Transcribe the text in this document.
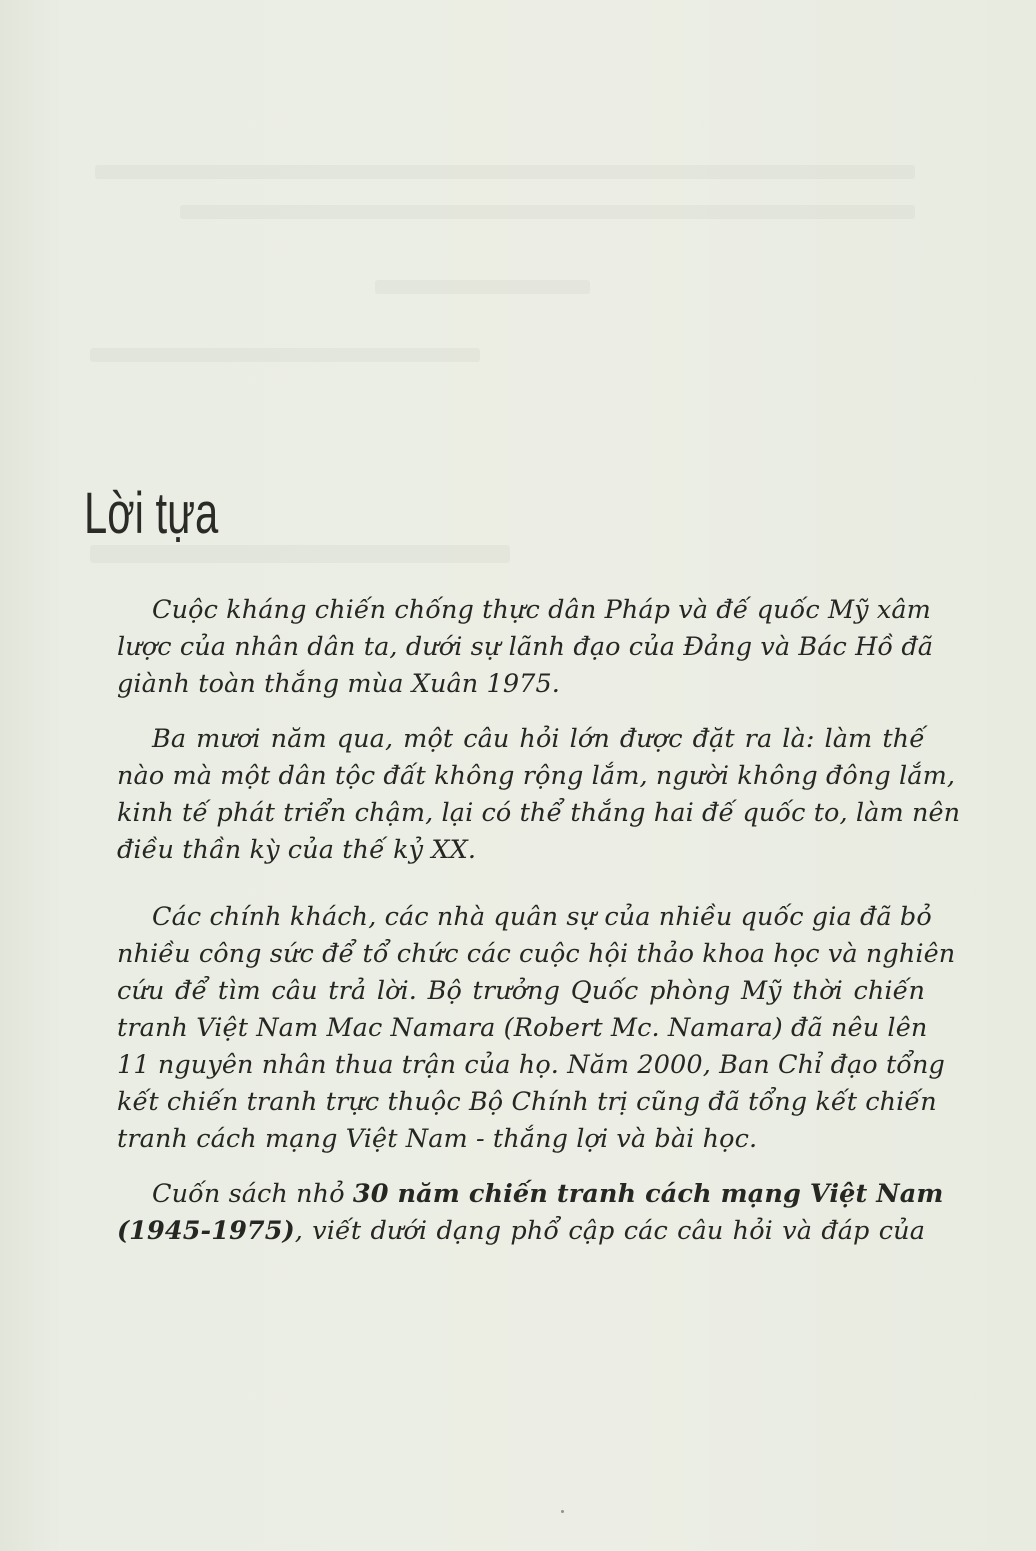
Lời tựa

Cuộc kháng chiến chống thực dân Pháp và đế quốc Mỹ xâm
lược của nhân dân ta, dưới sự lãnh đạo của Đảng và Bác Hồ đã
giành toàn thắng mùa Xuân 1975.

Ba mươi năm qua, một câu hỏi lớn được đặt ra là: làm thế
nào mà một dân tộc đất không rộng lắm, người không đông lắm,
kinh tế phát triển chậm, lại có thể thắng hai đế quốc to, làm nên
điều thần kỳ của thế kỷ XX.

Các chính khách, các nhà quân sự của nhiều quốc gia đã bỏ
nhiều công sức để tổ chức các cuộc hội thảo khoa học và nghiên
cứu để tìm câu trả lời. Bộ trưởng Quốc phòng Mỹ thời chiến
tranh Việt Nam Mac Namara (Robert Mc. Namara) đã nêu lên
11 nguyên nhân thua trận của họ. Năm 2000, Ban Chỉ đạo tổng
kết chiến tranh trực thuộc Bộ Chính trị cũng đã tổng kết chiến
tranh cách mạng Việt Nam - thắng lợi và bài học.

Cuốn sách nhỏ 30 năm chiến tranh cách mạng Việt Nam
(1945-1975), viết dưới dạng phổ cập các câu hỏi và đáp của
